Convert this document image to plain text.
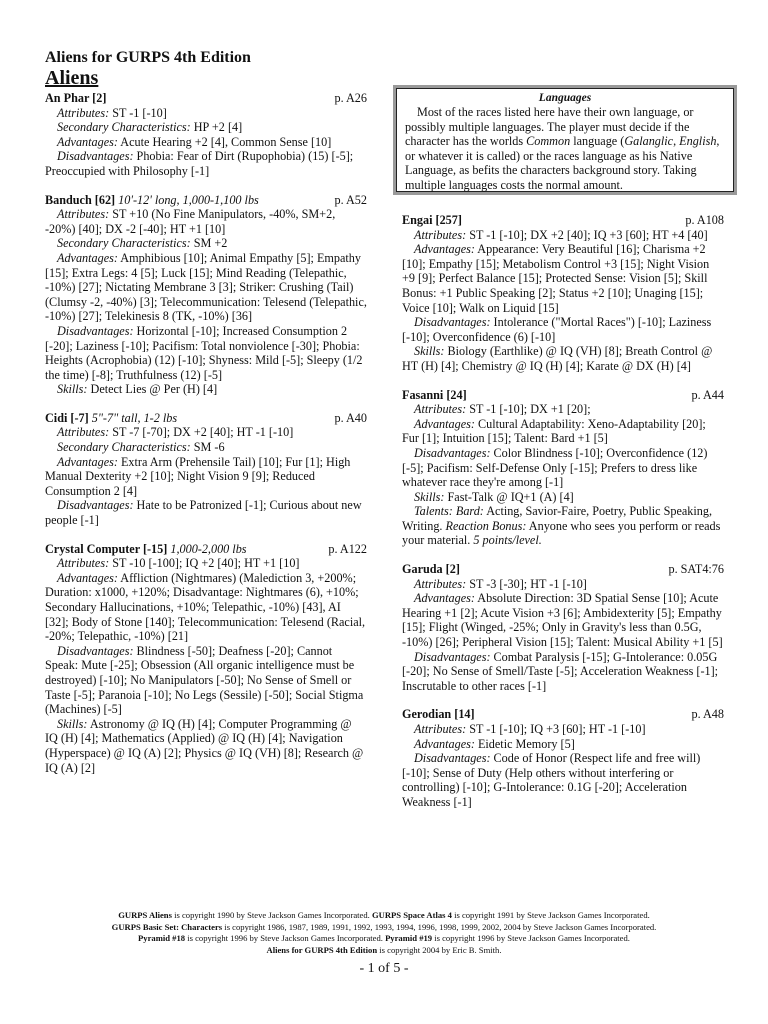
Aliens for GURPS 4th Edition
Aliens
An Phar [2]	p. A26
Attributes: ST -1 [-10]
Secondary Characteristics: HP +2 [4]
Advantages: Acute Hearing +2 [4], Common Sense [10]
Disadvantages: Phobia: Fear of Dirt (Rupophobia) (15) [-5]; Preoccupied with Philosophy [-1]
Banduch [62] 10'-12' long, 1,000-1,100 lbs	p. A52
Attributes: ST +10 (No Fine Manipulators, -40%, SM+2, -20%) [40]; DX -2 [-40]; HT +1 [10]
Secondary Characteristics: SM +2
Advantages: Amphibious [10]; Animal Empathy [5]; Empathy [15]; Extra Legs: 4 [5]; Luck [15]; Mind Reading (Telepathic, -10%) [27]; Nictating Membrane 3 [3]; Striker: Crushing (Tail) (Clumsy -2, -40%) [3]; Telecommunication: Telesend (Telepathic, -10%) [27]; Telekinesis 8 (TK, -10%) [36]
Disadvantages: Horizontal [-10]; Increased Consumption 2 [-20]; Laziness [-10]; Pacifism: Total nonviolence [-30]; Phobia: Heights (Acrophobia) (12) [-10]; Shyness: Mild [-5]; Sleepy (1/2 the time) [-8]; Truthfulness (12) [-5]
Skills: Detect Lies @ Per (H) [4]
Cidi [-7] 5"-7" tall, 1-2 lbs	p. A40
Attributes: ST -7 [-70]; DX +2 [40]; HT -1 [-10]
Secondary Characteristics: SM -6
Advantages: Extra Arm (Prehensile Tail) [10]; Fur [1]; High Manual Dexterity +2 [10]; Night Vision 9 [9]; Reduced Consumption 2 [4]
Disadvantages: Hate to be Patronized [-1]; Curious about new people [-1]
Crystal Computer [-15] 1,000-2,000 lbs	p. A122
Attributes: ST -10 [-100]; IQ +2 [40]; HT +1 [10]
Advantages: Affliction (Nightmares) (Malediction 3, +200%; Duration: x1000, +120%; Disadvantage: Nightmares (6), +10%; Secondary Hallucinations, +10%; Telepathic, -10%) [43], AI [32]; Body of Stone [140]; Telecommunication: Telesend (Racial, -20%; Telepathic, -10%) [21]
Disadvantages: Blindness [-50]; Deafness [-20]; Cannot Speak: Mute [-25]; Obsession (All organic intelligence must be destroyed) [-10]; No Manipulators [-50]; No Sense of Smell or Taste [-5]; Paranoia [-10]; No Legs (Sessile) [-50]; Social Stigma (Machines) [-5]
Skills: Astronomy @ IQ (H) [4]; Computer Programming @ IQ (H) [4]; Mathematics (Applied) @ IQ (H) [4]; Navigation (Hyperspace) @ IQ (A) [2]; Physics @ IQ (VH) [8]; Research @ IQ (A) [2]
Languages
Most of the races listed here have their own language, or possibly multiple languages. The player must decide if the character has the worlds Common language (Galanglic, English, or whatever it is called) or the races language as his Native Language, as befits the characters background story. Taking multiple languages costs the normal amount.
Engai [257]	p. A108
Attributes: ST -1 [-10]; DX +2 [40]; IQ +3 [60]; HT +4 [40]
Advantages: Appearance: Very Beautiful [16]; Charisma +2 [10]; Empathy [15]; Metabolism Control +3 [15]; Night Vision +9 [9]; Perfect Balance [15]; Protected Sense: Vision [5]; Skill Bonus: +1 Public Speaking [2]; Status +2 [10]; Unaging [15]; Voice [10]; Walk on Liquid [15]
Disadvantages: Intolerance ("Mortal Races") [-10]; Laziness [-10]; Overconfidence (6) [-10]
Skills: Biology (Earthlike) @ IQ (VH) [8]; Breath Control @ HT (H) [4]; Chemistry @ IQ (H) [4]; Karate @ DX (H) [4]
Fasanni [24]	p. A44
Attributes: ST -1 [-10]; DX +1 [20];
Advantages: Cultural Adaptability: Xeno-Adaptability [20]; Fur [1]; Intuition [15]; Talent: Bard +1 [5]
Disadvantages: Color Blindness [-10]; Overconfidence (12) [-5]; Pacifism: Self-Defense Only [-15]; Prefers to dress like whatever race they're among [-1]
Skills: Fast-Talk @ IQ+1 (A) [4]
Talents: Bard: Acting, Savior-Faire, Poetry, Public Speaking, Writing. Reaction Bonus: Anyone who sees you perform or reads your material. 5 points/level.
Garuda [2]	p. SAT4:76
Attributes: ST -3 [-30]; HT -1 [-10]
Advantages: Absolute Direction: 3D Spatial Sense [10]; Acute Hearing +1 [2]; Acute Vision +3 [6]; Ambidexterity [5]; Empathy [15]; Flight (Winged, -25%; Only in Gravity's less than 0.5G, -10%) [26]; Peripheral Vision [15]; Talent: Musical Ability +1 [5]
Disadvantages: Combat Paralysis [-15]; G-Intolerance: 0.05G [-20]; No Sense of Smell/Taste [-5]; Acceleration Weakness [-1]; Inscrutable to other races [-1]
Gerodian [14]	p. A48
Attributes: ST -1 [-10]; IQ +3 [60]; HT -1 [-10]
Advantages: Eidetic Memory [5]
Disadvantages: Code of Honor (Respect life and free will) [-10]; Sense of Duty (Help others without interfering or controlling) [-10]; G-Intolerance: 0.1G [-20]; Acceleration Weakness [-1]
GURPS Aliens is copyright 1990 by Steve Jackson Games Incorporated. GURPS Space Atlas 4 is copyright 1991 by Steve Jackson Games Incorporated.
GURPS Basic Set: Characters is copyright 1986, 1987, 1989, 1991, 1992, 1993, 1994, 1996, 1998, 1999, 2002, 2004 by Steve Jackson Games Incorporated.
Pyramid #18 is copyright 1996 by Steve Jackson Games Incorporated. Pyramid #19 is copyright 1996 by Steve Jackson Games Incorporated.
Aliens for GURPS 4th Edition is copyright 2004 by Eric B. Smith.
- 1 of 5 -
